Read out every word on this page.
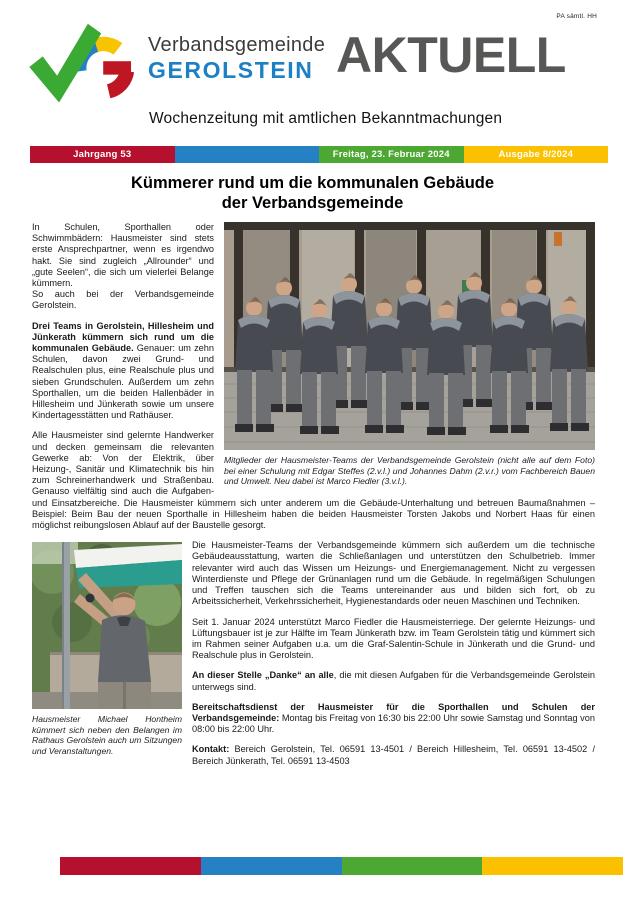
PA sämtl. HH
Verbandsgemeinde
GEROLSTEIN AKTUELL
Wochenzeitung mit amtlichen Bekanntmachungen
Jahrgang 53	Freitag, 23. Februar 2024	Ausgabe 8/2024
Kümmerer rund um die kommunalen Gebäude
der Verbandsgemeinde
Mitglieder der Hausmeister-Teams der Verbandsgemeinde Gerolstein (nicht alle auf dem Foto) bei einer Schulung mit Edgar Steffes (2.v.l.) und Johannes Dahm (2.v.r.) vom Fachbereich Bauen und Umwelt. Neu dabei ist Marco Fiedler (3.v.l.).

In Schulen, Sporthallen oder Schwimmbädern: Hausmeister sind stets erste Ansprechpartner, wenn es irgendwo hakt. Sie sind zugleich „Allrounder“ und „gute Seelen“, die sich um vielerlei Belange kümmern.

So auch bei der Verbandsgemeinde Gerolstein.

Drei Teams in Gerolstein, Hillesheim und Jünkerath kümmern sich rund um die kommunalen Gebäude. Genauer: um zehn Schulen, davon zwei Grund- und Realschulen plus, eine Realschule plus und sieben Grundschulen. Außerdem um zehn Sporthallen, um die beiden Hallenbäder in Hillesheim und Jünkerath sowie um unsere Kindertagesstätten und Rathäuser.

Alle Hausmeister sind gelernte Handwerker und decken gemeinsam die relevanten Gewerke ab: Von der Elektrik, über Heizung-, Sanitär und Klimatechnik bis hin zum Schreinerhandwerk und Straßenbau. Genauso vielfältig sind auch die Aufgaben- und Einsatzbereiche. Die Hausmeister kümmern sich unter anderem um die Gebäude-Unterhaltung und betreuen Baumaßnahmen – Beispiel: Beim Bau der neuen Sporthalle in Hillesheim haben die beiden Hausmeister Torsten Jakobs und Norbert Haas für einen möglichst reibungslosen Ablauf auf der Baustelle gesorgt.

Hausmeister Michael Hontheim kümmert sich neben den Belangen im Rathaus Gerolstein auch um Sitzungen und Veranstaltungen.

Die Hausmeister-Teams der Verbandsgemeinde kümmern sich außerdem um die technische Gebäudeausstattung, warten die Schließanlagen und unterstützen den Schulbetrieb. Immer relevanter wird auch das Wissen um Heizungs- und Energiemanagement. Nicht zu vergessen Winterdienste und Pflege der Grünanlagen rund um die Gebäude. In regelmäßigen Schulungen und Treffen tauschen sich die Teams untereinander aus und bilden sich fort, ob zu Arbeitssicherheit, Verkehrssicherheit, Hygienestandards oder neuen Maschinen und Techniken.

Seit 1. Januar 2024 unterstützt Marco Fiedler die Hausmeisterriege. Der gelernte Heizungs- und Lüftungsbauer ist je zur Hälfte im Team Jünkerath bzw. im Team Gerolstein tätig und kümmert sich im Rahmen seiner Aufgaben u.a. um die Graf-Salentin-Schule in Jünkerath und die Grund- und Realschule plus in Gerolstein.

An dieser Stelle „Danke“ an alle, die mit diesen Aufgaben für die Verbandsgemeinde Gerolstein unterwegs sind.

Bereitschaftsdienst der Hausmeister für die Sporthallen und Schulen der Verbandsgemeinde: Montag bis Freitag von 16:30 bis 22:00 Uhr sowie Samstag und Sonntag von 08:00 bis 22:00 Uhr.

Kontakt: Bereich Gerolstein, Tel. 06591 13-4501 / Bereich Hillesheim, Tel. 06591 13-4502 / Bereich Jünkerath, Tel. 06591 13-4503
